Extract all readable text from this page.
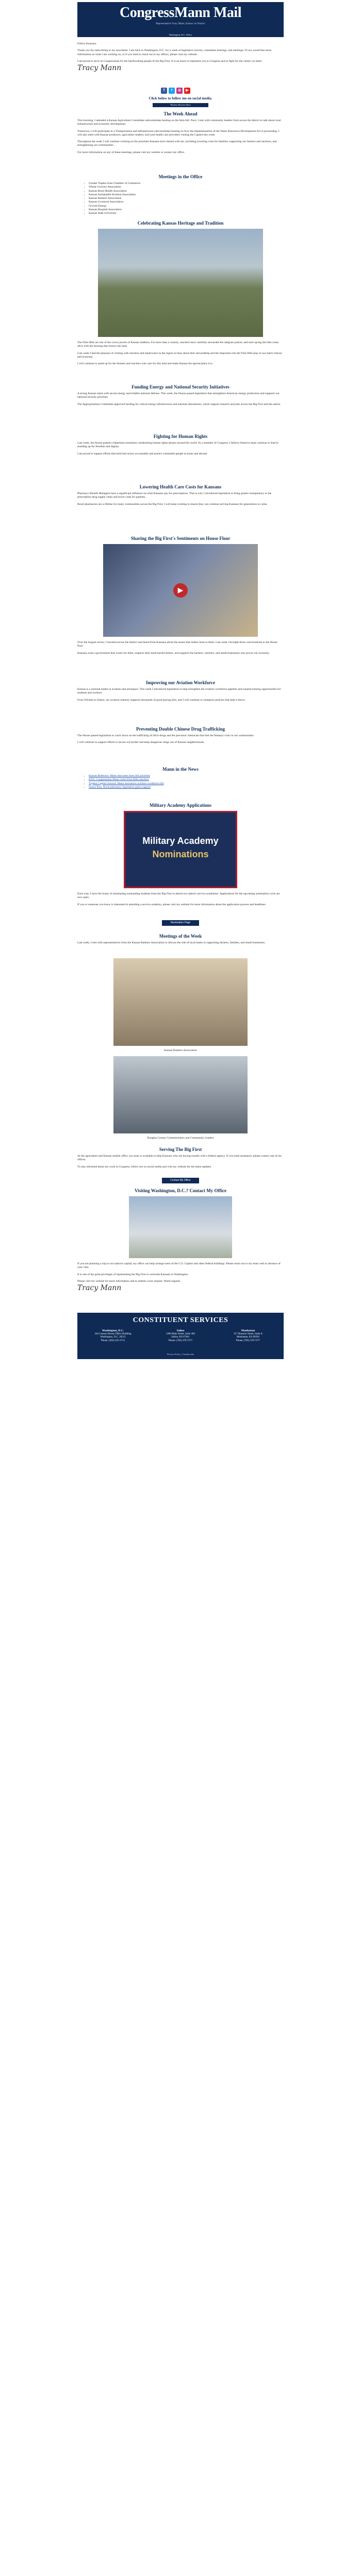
CongressMann Mail
Representative Tracy Mann, Kansas 1st District
Washington, D.C. Office

Fellow Kansans,

Thank you for subscribing to my newsletter. I am back in Washington, D.C. for a week of legislative activity, committee hearings, and meetings. If you would like more information on what I am working on, or if you need to reach out to my offices, please visit my website.

I am proud to serve as Congressman for the hardworking people of the Big First. It is an honor to represent you in Congress and to fight for the values we share.

Tracy Mann
f	t	◎	▶
Click below to follow me on social media.
Witness Receive Here
The Week Ahead

This morning, I attended a Kansas Agriculture Committee subcommittee hearing on the farm bill. Next, I met with community leaders from across the district to talk about rural infrastructure and economic development.

Tomorrow, I will participate in a Transportation and Infrastructure subcommittee hearing on how the implementation of the Water Resources Development Act is proceeding. I will also meet with Kansas producers, agriculture leaders, and rural health care providers visiting the Capitol this week.

Throughout the week I will continue working on the priorities Kansans have shared with me, including lowering costs for families, supporting our farmers and ranchers, and strengthening our communities.

For more information on any of these meetings, please visit my website or contact my office.

Meetings in the Office
• Greater Topeka Area Chamber of Commerce
• Wheat Growers Association
• Kansas Rural Health Association
• Kansas Sustainable Aviation Association
• Kansas Bankers Association
• Kansas Livestock Association
• Growth Energy
• Kansas Hospital Association
• Kansas State University
Celebrating Kansas Heritage and Tradition

The Flint Hills are one of the crown jewels of Kansas tradition. For more than a century, ranchers have carefully stewarded the tallgrass prairie, and each spring the hills come alive with the burning that renews the land.

Last week I had the pleasure of visiting with ranchers and landowners in the region to hear about their stewardship and the important role the Flint Hills play in our state's history and economy.

I will continue to stand up for the farmers and ranchers who care for this land and make Kansas the special place it is.

Funding Energy and National Security Initiatives

A strong Kansas starts with secure energy and reliable national defense. This week, the House passed legislation that strengthens American energy production and supports our national security priorities.

The Appropriations Committee approved funding for critical energy infrastructure and national laboratories, which support research and jobs across the Big First and the nation.

Fighting for Human Rights

Last week, the House passed a bipartisan resolution condemning human rights abuses around the world. As a member of Congress, I believe America must continue to lead in standing up for freedom and dignity.

I am proud to support efforts that hold bad actors accountable and protect vulnerable people at home and abroad.

Lowering Health Care Costs for Kansans

Pharmacy Benefit Managers have a significant influence on what Kansans pay for prescriptions. That is why I introduced legislation to bring greater transparency to the prescription drug supply chain and lower costs for patients.

Rural pharmacies are a lifeline for many communities across the Big First. I will keep working to ensure they can continue serving Kansans for generations to come.

Sharing the Big First's Sentiments on House Floor
▶

Over the August recess, I traveled across the district and heard from Kansans about the issues that matter most to them. Last week I brought those conversations to the House floor.

Kansans want a government that works for them, respects their hard-earned dollars, and supports the farmers, ranchers, and small businesses who power our economy.

Improving our Aviation Workforce

Kansas is a national leader in aviation and aerospace. This week I introduced legislation to help strengthen the aviation workforce pipeline and expand training opportunities for students and workers.

From Wichita to Salina, our aviation industry supports thousands of good-paying jobs, and I will continue to champion policies that help it thrive.

Preventing Double Chinese Drug Trafficking

The House passed legislation to crack down on the trafficking of illicit drugs and the precursor chemicals that fuel the fentanyl crisis in our communities.

I will continue to support efforts to secure our border and keep dangerous drugs out of Kansas neighborhoods.

Mann in the News
• Kansas Reflector: Mann discusses farm bill priorities
• KSN: Congressman Mann visits Flint Hills ranchers
• Topeka Capital-Journal: Mann introduces aviation workforce bill
• Salina Post: Rural pharmacy legislation gains support
Military Academy Applications
Military Academy
Nominations

Each year, I have the honor of nominating outstanding students from the Big First to attend our nation's service academies. Applications for the upcoming nomination cycle are now open.

If you or someone you know is interested in attending a service academy, please visit my website for more information about the application process and deadlines.

Nomination Page
Meetings of the Week

Last week, I met with representatives from the Kansas Bankers Association to discuss the role of local banks in supporting farmers, families, and small businesses.

Kansas Bankers Association
Douglas County Commissioners and Community Leaders
Serving The Big First

At the agriculture and Kansas mobile office, my team is available to help Kansans who are having trouble with a federal agency. If you need assistance, please contact one of my offices.

To stay informed about my work in Congress, follow me on social media and visit my website for the latest updates.

Contact My Office
Visiting Washington, D.C.? Contact My Office

If you are planning a trip to our nation's capital, my office can help arrange tours of the U.S. Capitol and other federal buildings. Please reach out to my team well in advance of your visit.

It is one of the great privileges of representing the Big First to welcome Kansans to Washington.

Please visit my website for more information and to submit a tour request. Warm regards,

Tracy Mann
CONSTITUENT SERVICES
Washington, D.C.
344 Cannon House Office Building
Washington, D.C. 20515
Phone: (202) 225-2715
Salina
1200 Main Street, Suite 402
Salina, KS 67401
Phone: (785) 370-7277
Manhattan
317 Houston Street, Suite A
Manhattan, KS 66502
Phone: (785) 370-7277
Privacy Policy | Unsubscribe
